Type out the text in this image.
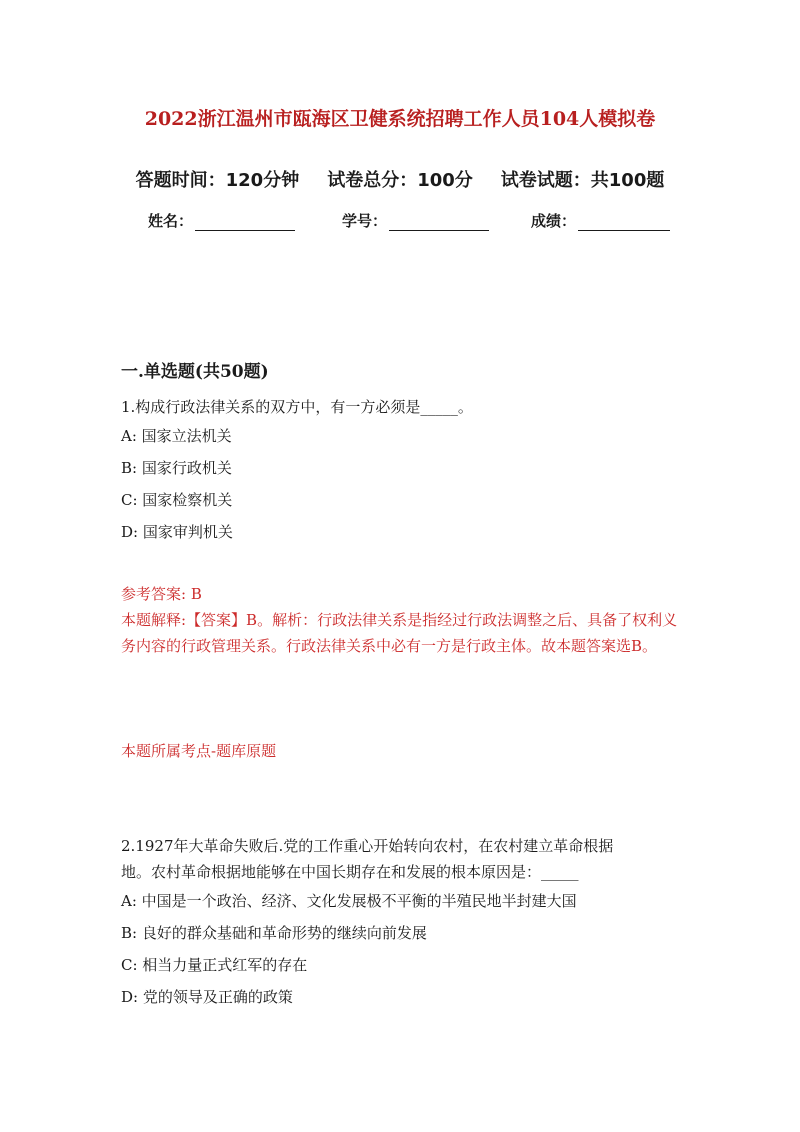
2022浙江温州市瓯海区卫健系统招聘工作人员104人模拟卷
答题时间：120分钟 试卷总分：100分 试卷试题：共100题
姓名：	学号：	成绩：
一.单选题(共50题)

1.构成行政法律关系的双方中，有一方必须是_____。

A: 国家立法机关

B: 国家行政机关

C: 国家检察机关

D: 国家审判机关

参考答案: B

本题解释:【答案】B。解析：行政法律关系是指经过行政法调整之后、具备了权利义务内容的行政管理关系。行政法律关系中必有一方是行政主体。故本题答案选B。

本题所属考点-题库原题

2.1927年大革命失败后.党的工作重心开始转向农村，在农村建立革命根据

地。农村革命根据地能够在中国长期存在和发展的根本原因是：_____

A: 中国是一个政治、经济、文化发展极不平衡的半殖民地半封建大国

B: 良好的群众基础和革命形势的继续向前发展

C: 相当力量正式红军的存在

D: 党的领导及正确的政策
